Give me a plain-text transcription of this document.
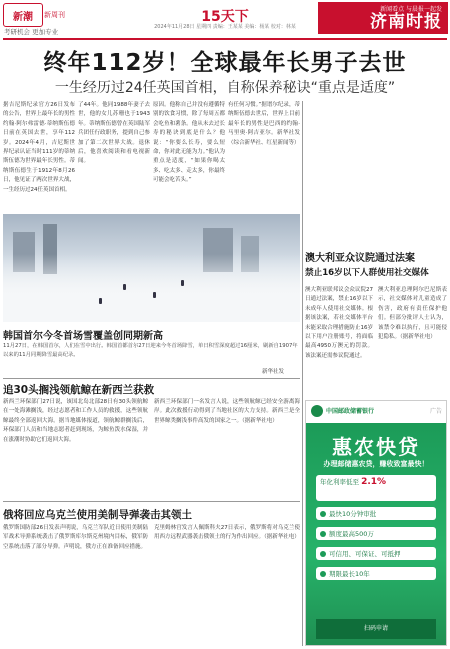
新潮 新周刊
考研机会 更加专业
15天下
2024年11月28日 星期四 责编：王某某 美编：杨某 校对：林某
新闻看点 与晨报一起发
济南时报
终年112岁！全球最年长男子去世
一生经历过24任英国首相，自称保养秘诀“重点是适度”
据吉尼斯纪录官方26日发布的公告，世界上最年长的男性约翰·阿尔弗雷德·蒂纳斯伍德日前在英国去世，享年112岁。2024年4月，吉尼斯世界纪录认证当时111岁的蒂纳斯伍德为世界最年长男性。蒂纳斯伍德生于1912年8月26日，他见证了两次世界大战，一生经历过24任英国首相。
了44年。他同1988年妻子去世，他的女儿苏珊也于1943年。蒂纳斯伍德曾在英国陆军兵团任行政职务，提到自己参加了第二次世界大战。退休后，他喜欢阅读和看电视新闻。
原因。他称自己并没有遵循特别的饮食习惯，除了每周五都会吃鱼和薯条。他从未去过长寿的秘诀到底是什么？他说：“你要么长寿，要么短命，你对此无能为力。”他认为重点是适度，“如果你喝太多、吃太多、走太多，你最终可能会吃苦头。”
有任何习惯。”据谱尔纪录，蒂纳斯伍德去世后，世界上目前最年长的男性是巴西的约翰·马里奥·阿吉亚尔。新华社发（综合新华社、红星新闻等）
韩国首尔今冬首场雪覆盖创同期新高
11月27日，在韩国首尔，人们在雪中出行。韩国首都首尔27日迎来今冬首场降雪，单日积雪深度超过16厘米，刷新自1907年以来的11月同期降雪最高纪录。
新华社发
追30头搁浅领航鲸在新西兰获救
新西兰环保部门27日说，该国北岛北部28日有30头领航鲸在一处海滩搁浅，经过志愿者和工作人员的救援，这些领航鲸最终全部返回大海。据当地媒体报道，领航鲸群搁浅后，环保部门人员和当地志愿者赶到现场，为鲸鱼泼水保湿，并在涨潮时协助它们返回大海。
新西兰环保部门一名发言人说，这些领航鲸已经安全游离海岸。此次救援行动得到了当地社区的大力支持。新西兰是全世界鲸类搁浅事件高发的国家之一。（据新华社电）
俄将回应乌克兰使用美制导弹袭击其领土
俄罗斯国防部26日发表声明说，乌克兰军队近日使用美制陆军战术导弹系统袭击了俄罗斯库尔斯克州境内目标，俄军防空系统击落了部分导弹。声明说，俄方正在准备回应措施。
克里姆林宫发言人佩斯科夫27日表示，俄罗斯将对乌克兰使用西方远程武器袭击俄领土的行为作出回应。（据新华社电）
澳大利亚众议院通过法案
禁止16岁以下人群使用社交媒体
澳大利亚联邦议会众议院27日通过法案，禁止16岁以下未成年人使用社交媒体。根据该法案，若社交媒体平台未能采取合理措施防止16岁以下用户注册账号，将面临最高4950万澳元的罚款。该法案还需参议院通过。
澳大利亚总理阿尔巴尼斯表示，社交媒体对儿童造成了伤害，政府有责任保护他们。但部分批评人士认为，该禁令难以执行，且可能侵犯隐私。（据新华社电）
中国邮政储蓄银行	广告
惠农快贷
办理邮储惠农贷，赚收致富最快！
年化利率低至 2.1%
最快10分钟审批
额度最高500万
可信用、可保证、可抵押
期限最长10年
扫码申请
